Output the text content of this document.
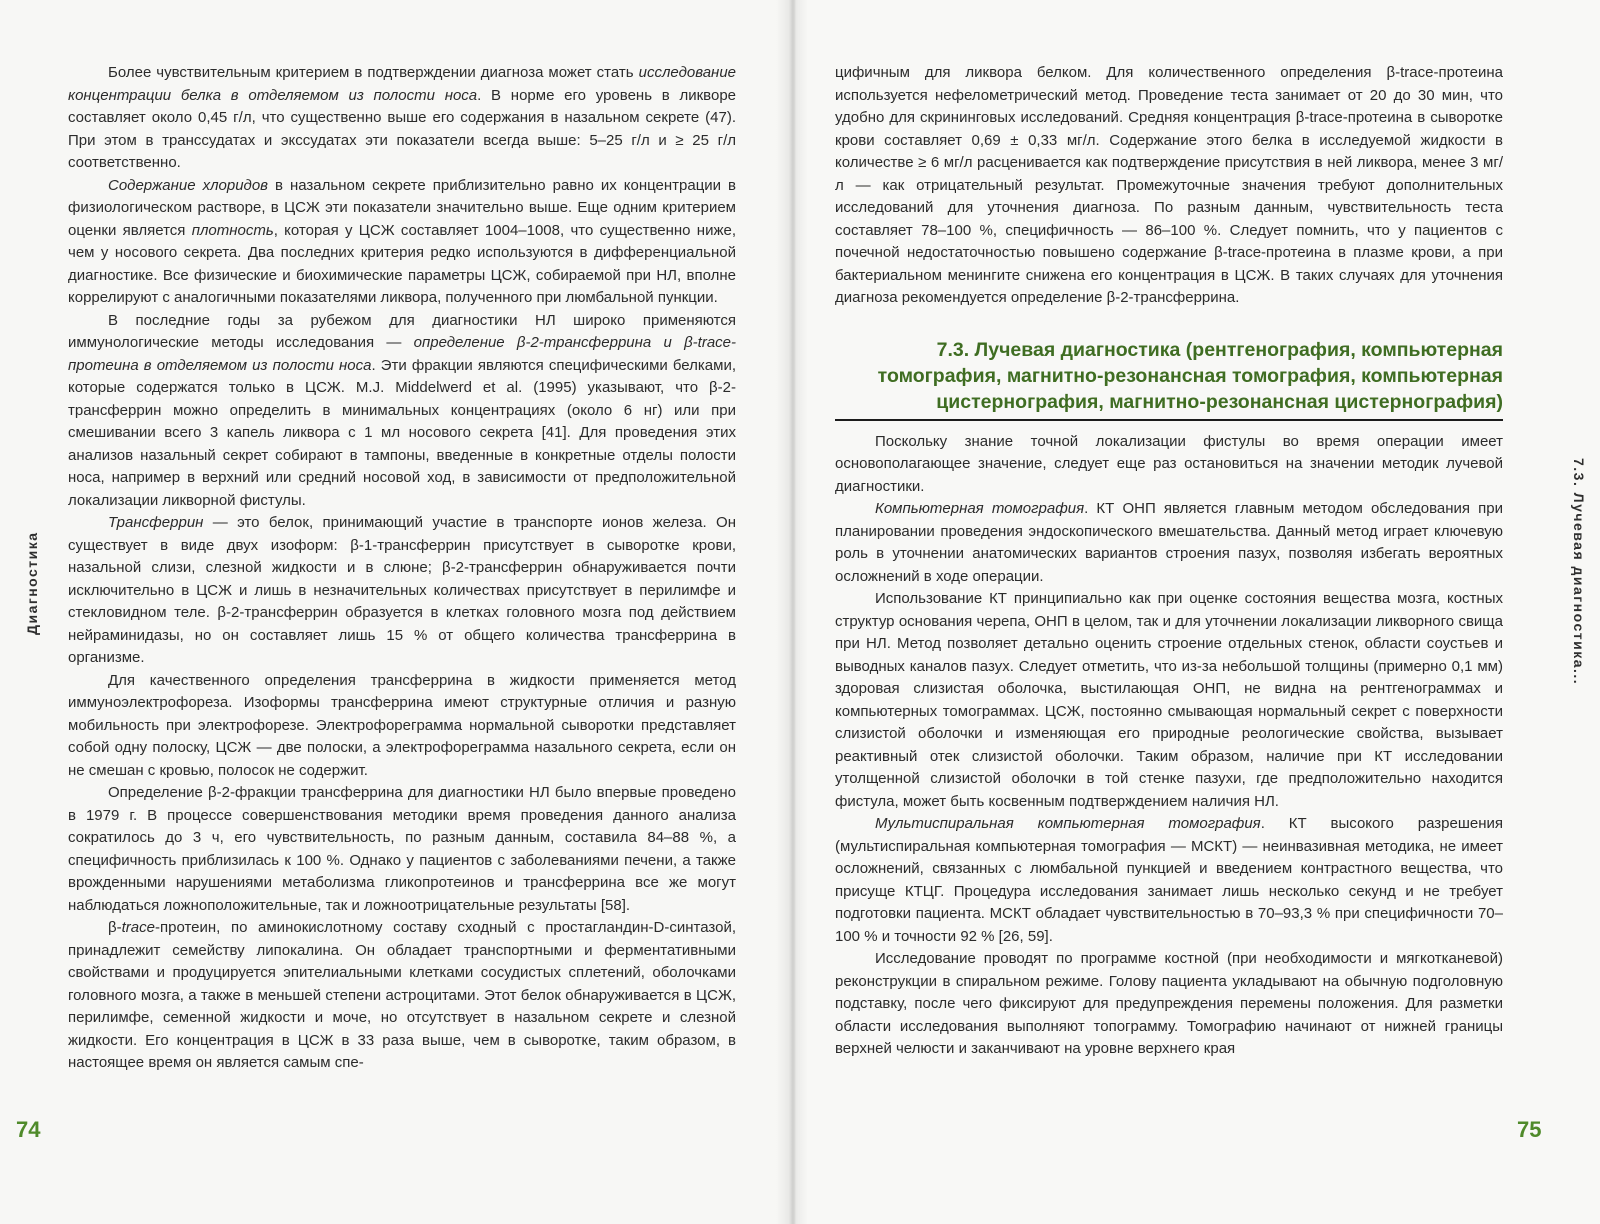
Диагностика

Более чувствительным критерием в подтверждении диагноза может стать исследование концентрации белка в отделяемом из полости носа. В норме его уровень в ликворе составляет около 0,45 г/л, что существенно выше его содержания в назальном секрете (47). При этом в транссудатах и экссудатах эти показатели всегда выше: 5–25 г/л и ≥ 25 г/л соответственно.

Содержание хлоридов в назальном секрете приблизительно равно их концентрации в физиологическом растворе, в ЦСЖ эти показатели значительно выше. Еще одним критерием оценки является плотность, которая у ЦСЖ составляет 1004–1008, что существенно ниже, чем у носового секрета. Два последних критерия редко используются в дифференциальной диагностике. Все физические и биохимические параметры ЦСЖ, собираемой при НЛ, вполне коррелируют с аналогичными показателями ликвора, полученного при люмбальной пункции.

В последние годы за рубежом для диагностики НЛ широко применяются иммунологические методы исследования — определение β-2-трансферрина и β-trace-протеина в отделяемом из полости носа. Эти фракции являются специфическими белками, которые содержатся только в ЦСЖ. M.J. Middelwerd et al. (1995) указывают, что β-2-трансферрин можно определить в минимальных концентрациях (около 6 нг) или при смешивании всего 3 капель ликвора с 1 мл носового секрета [41]. Для проведения этих анализов назальный секрет собирают в тампоны, введенные в конкретные отделы полости носа, например в верхний или средний носовой ход, в зависимости от предположительной локализации ликворной фистулы.

Трансферрин — это белок, принимающий участие в транспорте ионов железа. Он существует в виде двух изоформ: β-1-трансферрин присутствует в сыворотке крови, назальной слизи, слезной жидкости и в слюне; β-2-трансферрин обнаруживается почти исключительно в ЦСЖ и лишь в незначительных количествах присутствует в перилимфе и стекловидном теле. β-2-трансферрин образуется в клетках головного мозга под действием нейраминидазы, но он составляет лишь 15 % от общего количества трансферрина в организме.

Для качественного определения трансферрина в жидкости применяется метод иммуноэлектрофореза. Изоформы трансферрина имеют структурные отличия и разную мобильность при электрофорезе. Электрофореграмма нормальной сыворотки представляет собой одну полоску, ЦСЖ — две полоски, а электрофореграмма назального секрета, если он не смешан с кровью, полосок не содержит.

Определение β-2-фракции трансферрина для диагностики НЛ было впервые проведено в 1979 г. В процессе совершенствования методики время проведения данного анализа сократилось до 3 ч, его чувствительность, по разным данным, составила 84–88 %, а специфичность приблизилась к 100 %. Однако у пациентов с заболеваниями печени, а также врожденными нарушениями метаболизма гликопротеинов и трансферрина все же могут наблюдаться ложноположительные, так и ложноотрицательные результаты [58].

β-trace-протеин, по аминокислотному составу сходный с простагландин-D-синтазой, принадлежит семейству липокалина. Он обладает транспортными и ферментативными свойствами и продуцируется эпителиальными клетками сосудистых сплетений, оболочками головного мозга, а также в меньшей степени астроцитами. Этот белок обнаруживается в ЦСЖ, перилимфе, семенной жидкости и моче, но отсутствует в назальном секрете и слезной жидкости. Его концентрация в ЦСЖ в 33 раза выше, чем в сыворотке, таким образом, в настоящее время он является самым спе-

74

цифичным для ликвора белком. Для количественного определения β-trace-протеина используется нефелометрический метод. Проведение теста занимает от 20 до 30 мин, что удобно для скрининговых исследований. Средняя концентрация β-trace-протеина в сыворотке крови составляет 0,69 ± 0,33 мг/л. Содержание этого белка в исследуемой жидкости в количестве ≥ 6 мг/л расценивается как подтверждение присутствия в ней ликвора, менее 3 мг/л — как отрицательный результат. Промежуточные значения требуют дополнительных исследований для уточнения диагноза. По разным данным, чувствительность теста составляет 78–100 %, специфичность — 86–100 %. Следует помнить, что у пациентов с почечной недостаточностью повышено содержание β-trace-протеина в плазме крови, а при бактериальном менингите снижена его концентрация в ЦСЖ. В таких случаях для уточнения диагноза рекомендуется определение β-2-трансферрина.

7.3. Лучевая диагностика (рентгенография, компьютерная томография, магнитно-резонансная томография, компьютерная цистернография, магнитно-резонансная цистернография)

Поскольку знание точной локализации фистулы во время операции имеет основополагающее значение, следует еще раз остановиться на значении методик лучевой диагностики.

Компьютерная томография. КТ ОНП является главным методом обследования при планировании проведения эндоскопического вмешательства. Данный метод играет ключевую роль в уточнении анатомических вариантов строения пазух, позволяя избегать вероятных осложнений в ходе операции.

Использование КТ принципиально как при оценке состояния вещества мозга, костных структур основания черепа, ОНП в целом, так и для уточнении локализации ликворного свища при НЛ. Метод позволяет детально оценить строение отдельных стенок, области соустьев и выводных каналов пазух. Следует отметить, что из-за небольшой толщины (примерно 0,1 мм) здоровая слизистая оболочка, выстилающая ОНП, не видна на рентгенограммах и компьютерных томограммах. ЦСЖ, постоянно смывающая нормальный секрет с поверхности слизистой оболочки и изменяющая его природные реологические свойства, вызывает реактивный отек слизистой оболочки. Таким образом, наличие при КТ исследовании утолщенной слизистой оболочки в той стенке пазухи, где предположительно находится фистула, может быть косвенным подтверждением наличия НЛ.

Мультиспиральная компьютерная томография. КТ высокого разрешения (мультиспиральная компьютерная томография — МСКТ) — неинвазивная методика, не имеет осложнений, связанных с люмбальной пункцией и введением контрастного вещества, что присуще КТЦГ. Процедура исследования занимает лишь несколько секунд и не требует подготовки пациента. МСКТ обладает чувствительностью в 70–93,3 % при специфичности 70–100 % и точности 92 % [26, 59].

Исследование проводят по программе костной (при необходимости и мягкотканевой) реконструкции в спиральном режиме. Голову пациента укладывают на обычную подголовную подставку, после чего фиксируют для предупреждения перемены положения. Для разметки области исследования выполняют топограмму. Томографию начинают от нижней границы верхней челюсти и заканчивают на уровне верхнего края

7.3. Лучевая диагностика...
75
